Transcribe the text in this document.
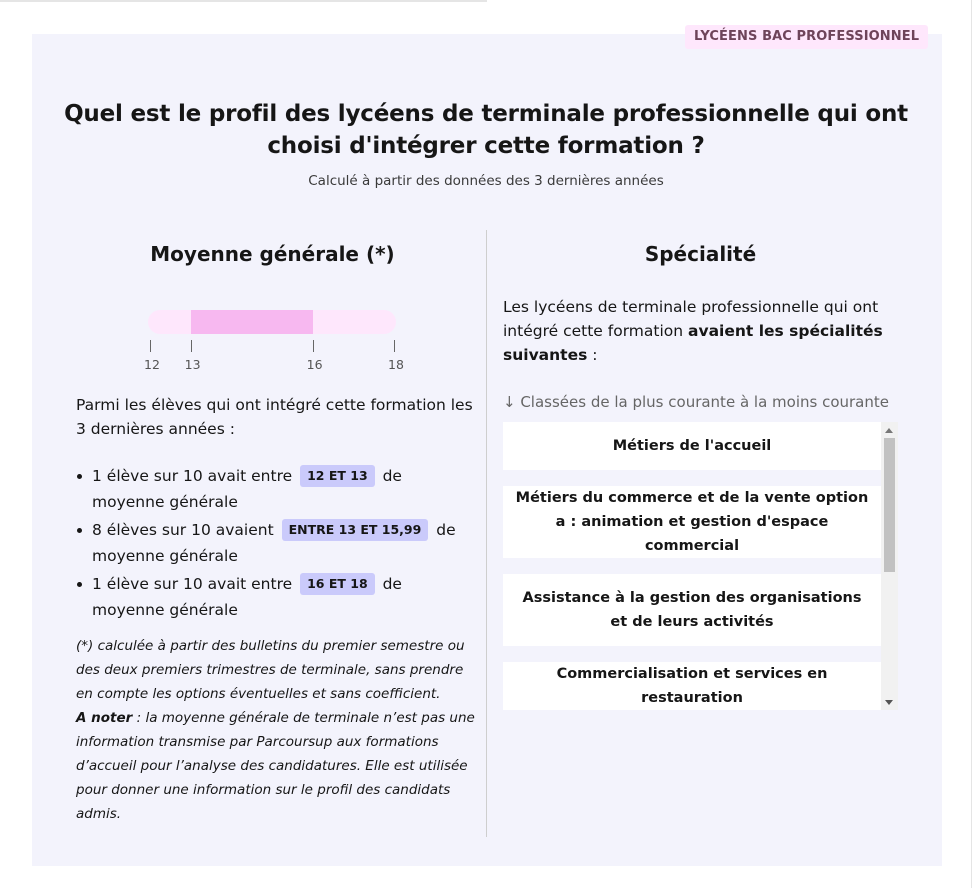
LYCÉENS BAC PROFESSIONNEL
Quel est le profil des lycéens de terminale professionnelle qui ont choisi d'intégrer cette formation ?

Calculé à partir des données des 3 dernières années

Moyenne générale (*)
12 13	16	18

Parmi les élèves qui ont intégré cette formation les 3 dernières années :

1 élève sur 10 avait entre 12 ET 13 de moyenne générale
8 élèves sur 10 avaient ENTRE 13 ET 15,99 de moyenne générale
1 élève sur 10 avait entre 16 ET 18 de moyenne générale

(*) calculée à partir des bulletins du premier semestre ou des deux premiers trimestres de terminale, sans prendre en compte les options éventuelles et sans coefficient.
A noter : la moyenne générale de terminale n’est pas une information transmise par Parcoursup aux formations d’accueil pour l’analyse des candidatures. Elle est utilisée pour donner une information sur le profil des candidats admis.

Spécialité

Les lycéens de terminale professionnelle qui ont intégré cette formation avaient les spécialités suivantes :

↓ Classées de la plus courante à la moins courante

Métiers de l'accueil
Métiers du commerce et de la vente option a : animation et gestion d'espace commercial
Assistance à la gestion des organisations et de leurs activités
Commercialisation et services en restauration
